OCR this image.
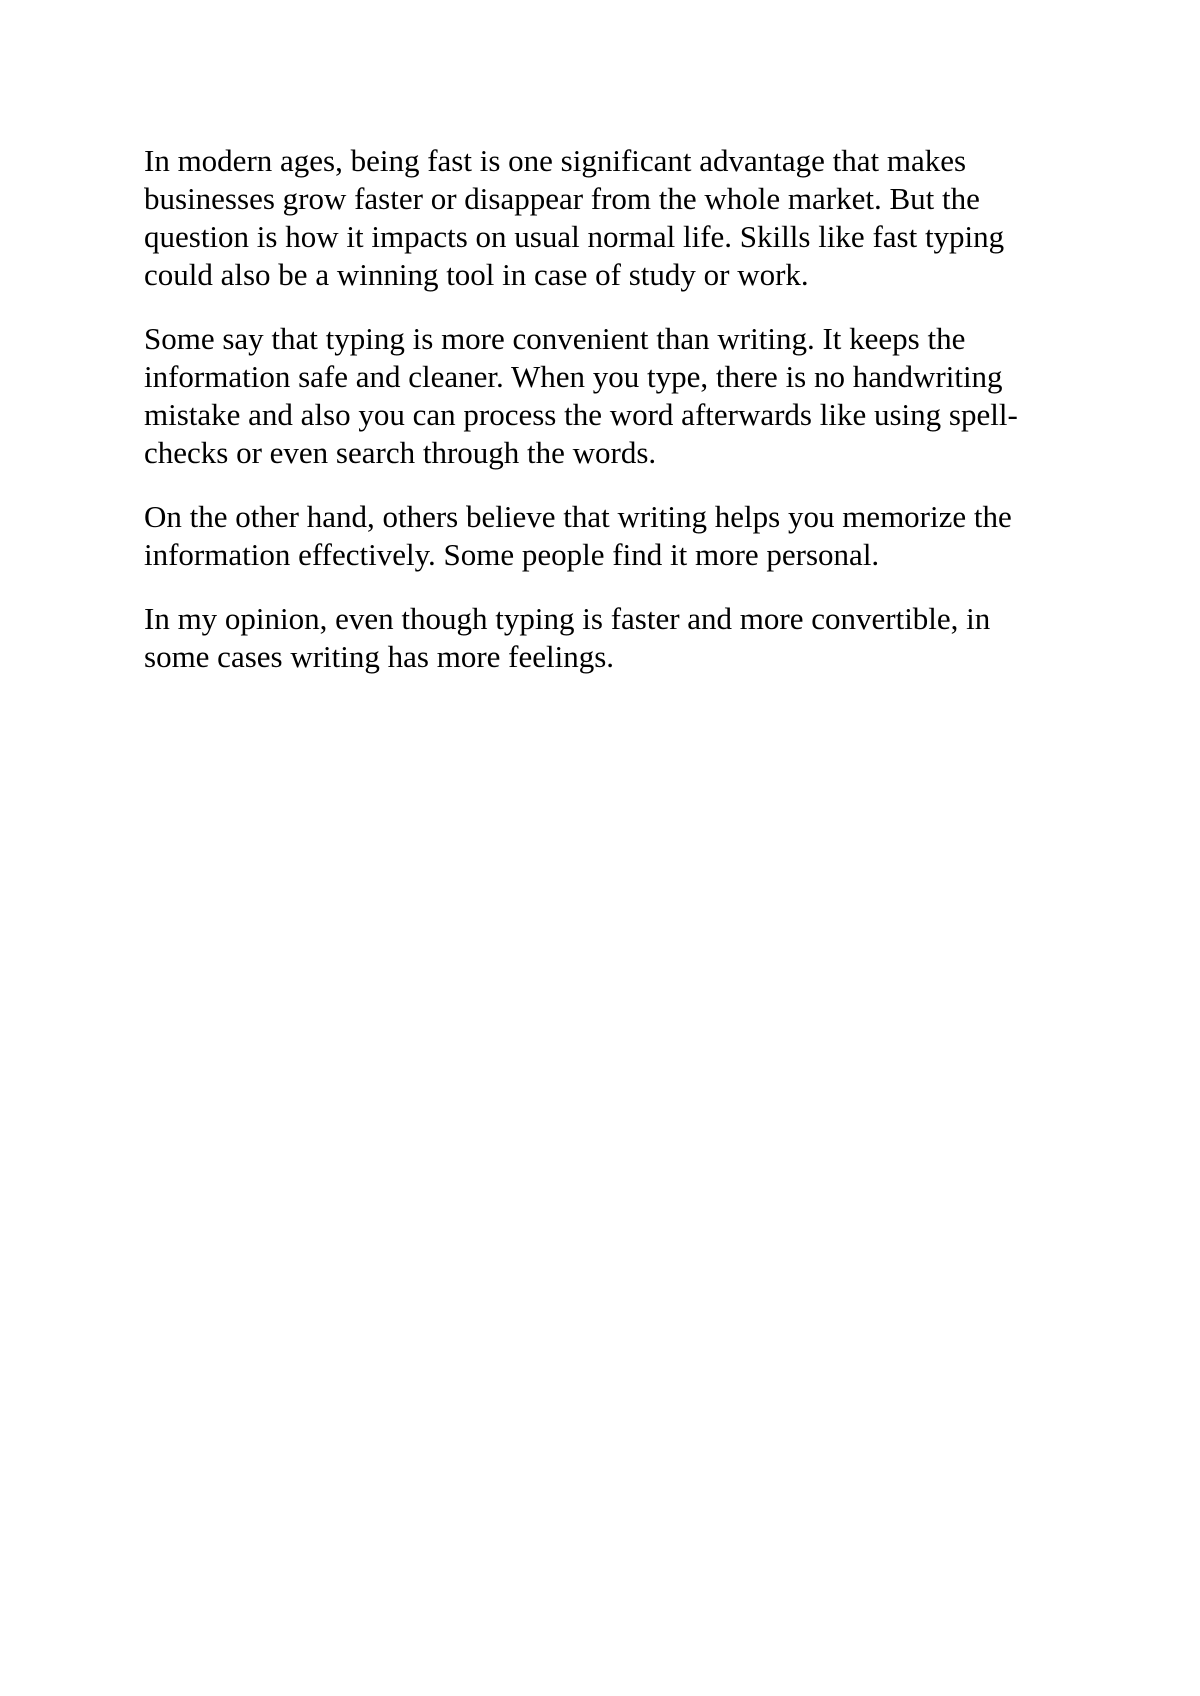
In modern ages, being fast is one significant advantage that makes
businesses grow faster or disappear from the whole market. But the
question is how it impacts on usual normal life. Skills like fast typing
could also be a winning tool in case of study or work.

Some say that typing is more convenient than writing. It keeps the
information safe and cleaner. When you type, there is no handwriting
mistake and also you can process the word afterwards like using spell-
checks or even search through the words.

On the other hand, others believe that writing helps you memorize the
information effectively. Some people find it more personal.

In my opinion, even though typing is faster and more convertible, in
some cases writing has more feelings.
